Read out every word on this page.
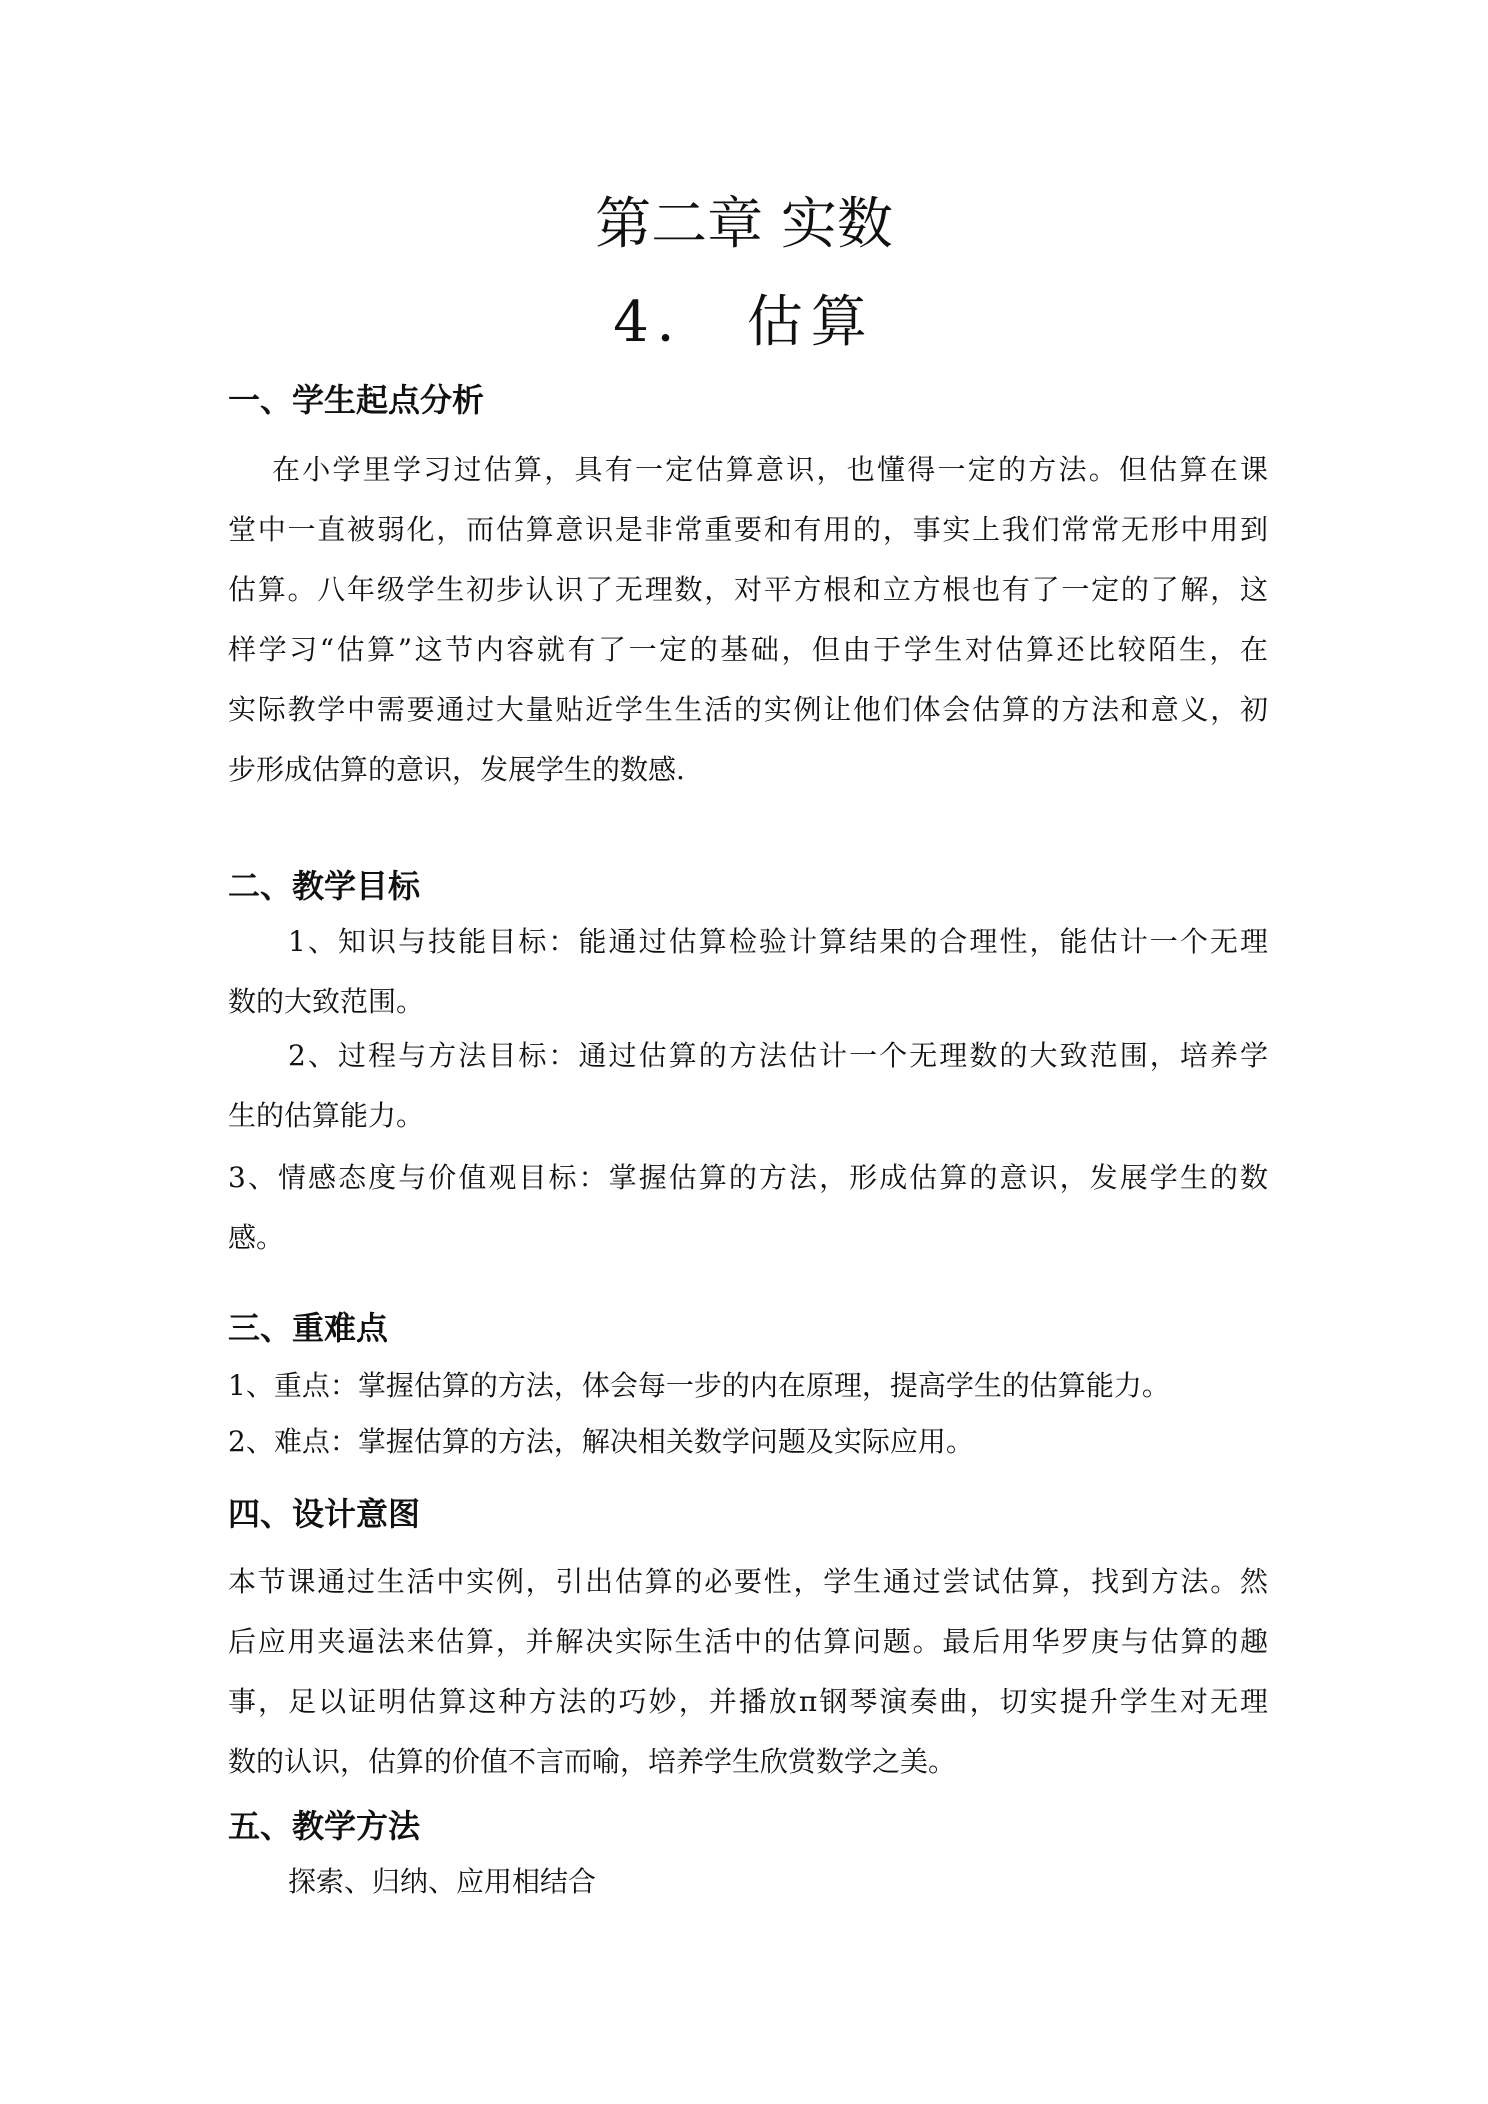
第二章 实数
4． 估算
一、学生起点分析
在小学里学习过估算，具有一定估算意识，也懂得一定的方法。但估算在课
堂中一直被弱化，而估算意识是非常重要和有用的，事实上我们常常无形中用到
估算。八年级学生初步认识了无理数，对平方根和立方根也有了一定的了解，这
样学习“估算”这节内容就有了一定的基础，但由于学生对估算还比较陌生，在
实际教学中需要通过大量贴近学生生活的实例让他们体会估算的方法和意义，初
步形成估算的意识，发展学生的数感.
二、教学目标
1、知识与技能目标：能通过估算检验计算结果的合理性，能估计一个无理
数的大致范围。
2、过程与方法目标：通过估算的方法估计一个无理数的大致范围，培养学
生的估算能力。
3、情感态度与价值观目标：掌握估算的方法，形成估算的意识，发展学生的数
感。
三、重难点
1、重点：掌握估算的方法，体会每一步的内在原理，提高学生的估算能力。
2、难点：掌握估算的方法，解决相关数学问题及实际应用。
四、设计意图
本节课通过生活中实例，引出估算的必要性，学生通过尝试估算，找到方法。然
后应用夹逼法来估算，并解决实际生活中的估算问题。最后用华罗庚与估算的趣
事，足以证明估算这种方法的巧妙，并播放π钢琴演奏曲，切实提升学生对无理
数的认识，估算的价值不言而喻，培养学生欣赏数学之美。
五、教学方法
探索、归纳、应用相结合
